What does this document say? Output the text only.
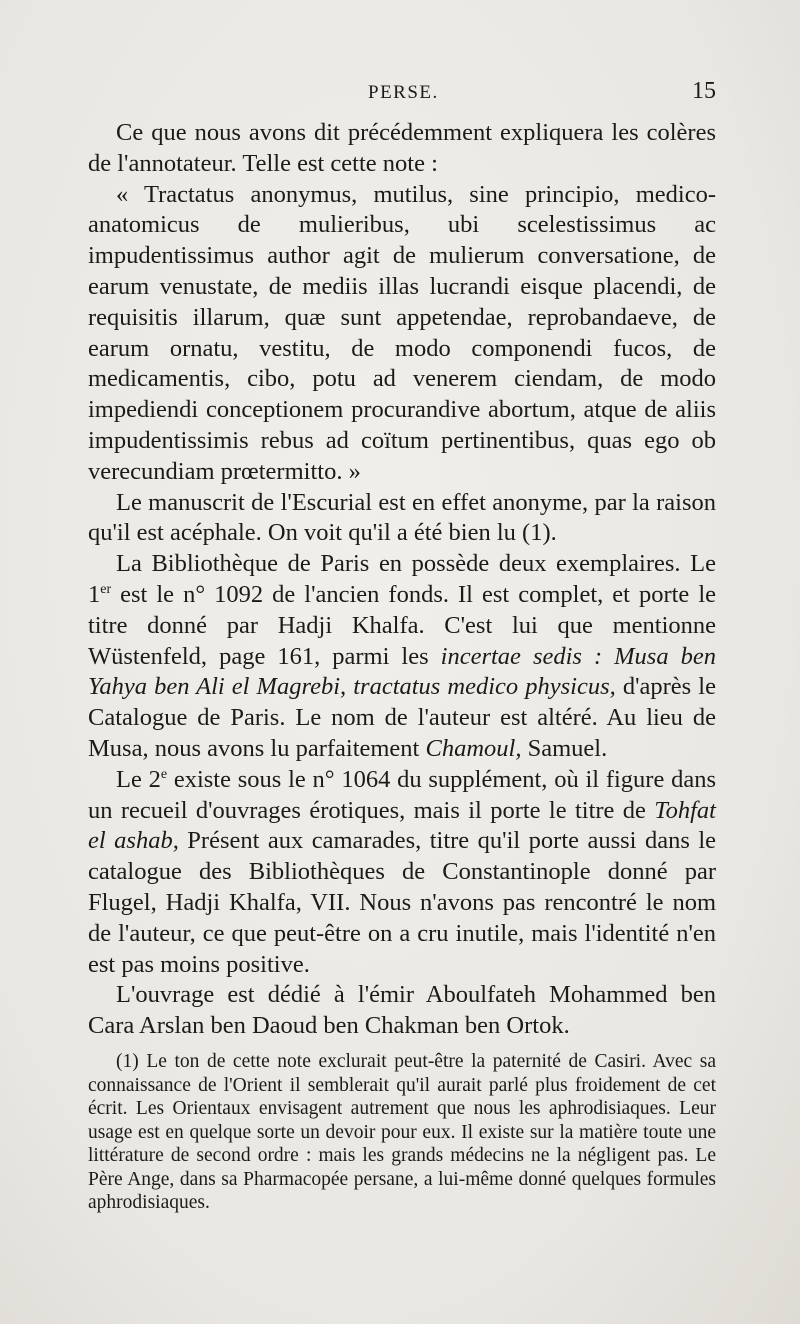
PERSE.	15

Ce que nous avons dit précédemment expliquera les colères de l'annotateur. Telle est cette note :

« Tractatus anonymus, mutilus, sine principio, medico-anatomicus de mulieribus, ubi scelestissimus ac impudentissimus author agit de mulierum conversatione, de earum venustate, de mediis illas lucrandi eisque placendi, de requisitis illarum, quæ sunt appetendae, reprobandaeve, de earum ornatu, vestitu, de modo componendi fucos, de medicamentis, cibo, potu ad venerem ciendam, de modo impediendi conceptionem procurandive abortum, atque de aliis impudentissimis rebus ad coïtum pertinentibus, quas ego ob verecundiam prœtermitto. »

Le manuscrit de l'Escurial est en effet anonyme, par la raison qu'il est acéphale. On voit qu'il a été bien lu (1).

La Bibliothèque de Paris en possède deux exemplaires. Le 1er est le n° 1092 de l'ancien fonds. Il est complet, et porte le titre donné par Hadji Khalfa. C'est lui que mentionne Wüstenfeld, page 161, parmi les incertae sedis : Musa ben Yahya ben Ali el Magrebi, tractatus medico physicus, d'après le Catalogue de Paris. Le nom de l'auteur est altéré. Au lieu de Musa, nous avons lu parfaitement Chamoul, Samuel.

Le 2e existe sous le n° 1064 du supplément, où il figure dans un recueil d'ouvrages érotiques, mais il porte le titre de Tohfat el ashab, Présent aux camarades, titre qu'il porte aussi dans le catalogue des Bibliothèques de Constantinople donné par Flugel, Hadji Khalfa, VII. Nous n'avons pas rencontré le nom de l'auteur, ce que peut-être on a cru inutile, mais l'identité n'en est pas moins positive.

L'ouvrage est dédié à l'émir Aboulfateh Mohammed ben Cara Arslan ben Daoud ben Chakman ben Ortok.

(1) Le ton de cette note exclurait peut-être la paternité de Casiri. Avec sa connaissance de l'Orient il semblerait qu'il aurait parlé plus froidement de cet écrit. Les Orientaux envisagent autrement que nous les aphrodisiaques. Leur usage est en quelque sorte un devoir pour eux. Il existe sur la matière toute une littérature de second ordre : mais les grands médecins ne la négligent pas. Le Père Ange, dans sa Pharmacopée persane, a lui-même donné quelques formules aphrodisiaques.
